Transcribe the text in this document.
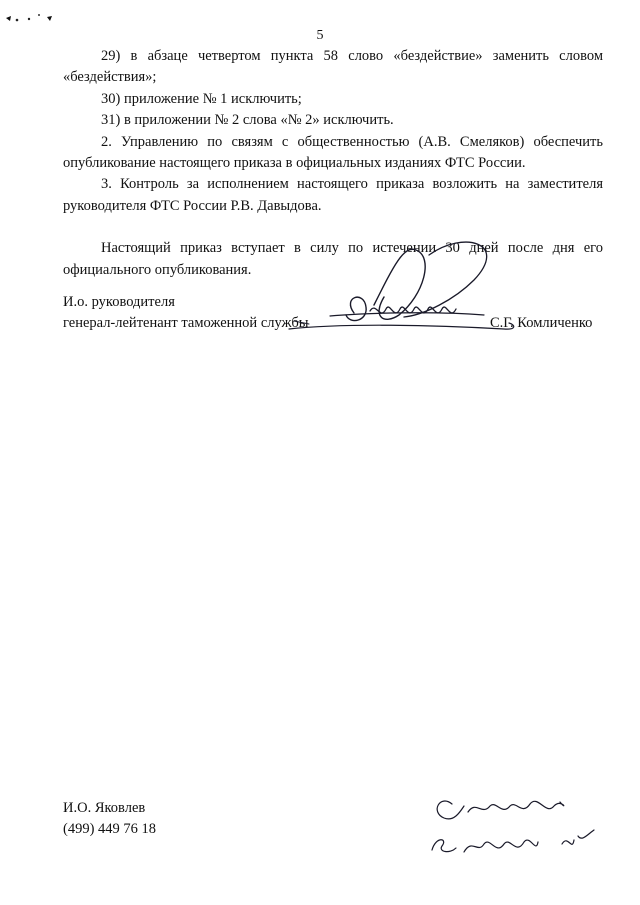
5

29) в абзаце четвертом пункта 58 слово «бездействие» заменить словом «бездействия»;

30) приложение № 1 исключить;

31) в приложении № 2 слова «№ 2» исключить.

2. Управлению по связям с общественностью (А.В. Смеляков) обеспечить опубликование настоящего приказа в официальных изданиях ФТС России.

3. Контроль за исполнением настоящего приказа возложить на заместителя руководителя ФТС России Р.В. Давыдова.

Настоящий приказ вступает в силу по истечении 30 дней после дня его официального опубликования.

И.о. руководителя
генерал-лейтенант таможенной службы	С.Г. Комличенко
И.О. Яковлев
(499) 449 76 18
